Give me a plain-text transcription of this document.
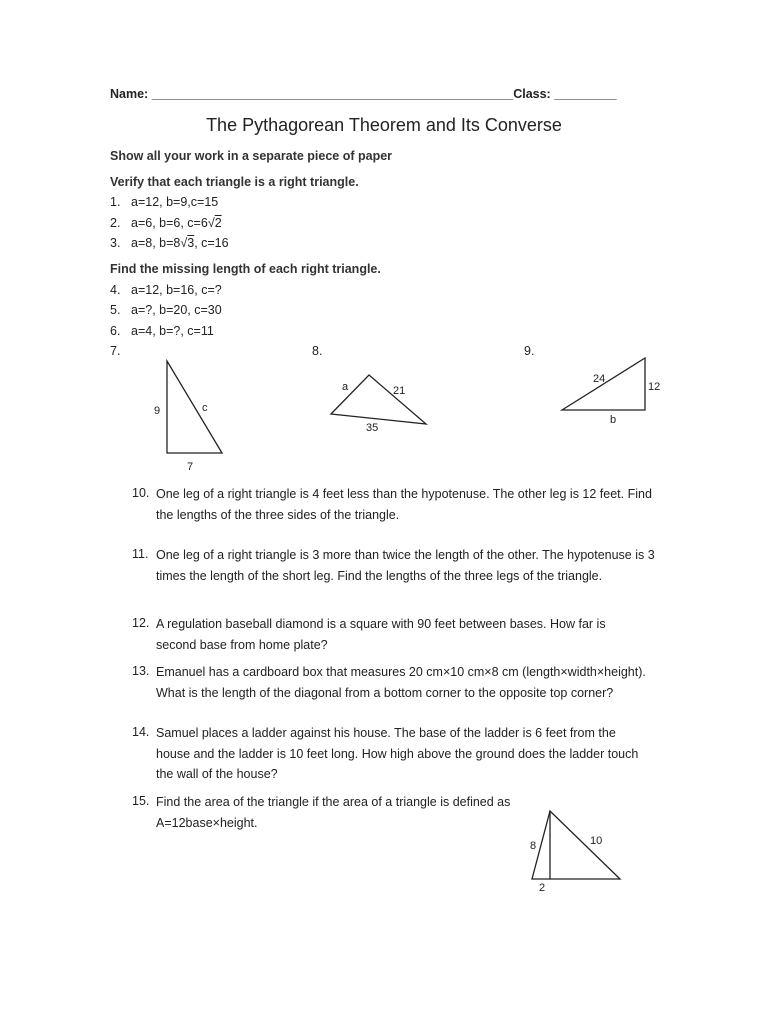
Name: ____________________________________________________Class: _________
The Pythagorean Theorem and Its Converse
Show all your work in a separate piece of paper
Verify that each triangle is a right triangle.
1. a=12, b=9,c=15
2. a=6, b=6, c=6√2
3. a=8, b=8√3, c=16
Find the missing length of each right triangle.
4. a=12, b=16, c=?
5. a=?, b=20, c=30
6. a=4, b=?, c=11
7.	8.	9.
9	c
7
a	21
35
24
12
b
10. One leg of a right triangle is 4 feet less than the hypotenuse. The other leg is 12 feet. Find the lengths of the three sides of the triangle.
11. One leg of a right triangle is 3 more than twice the length of the other. The hypotenuse is 3 times the length of the short leg. Find the lengths of the three legs of the triangle.
12. A regulation baseball diamond is a square with 90 feet between bases. How far is second base from home plate?
13. Emanuel has a cardboard box that measures 20 cm×10 cm×8 cm (length×width×height). What is the length of the diagonal from a bottom corner to the opposite top corner?
14. Samuel places a ladder against his house. The base of the ladder is 6 feet from the house and the ladder is 10 feet long. How high above the ground does the ladder touch the wall of the house?
15. Find the area of the triangle if the area of a triangle is defined as A=12base×height.
8	10
2
